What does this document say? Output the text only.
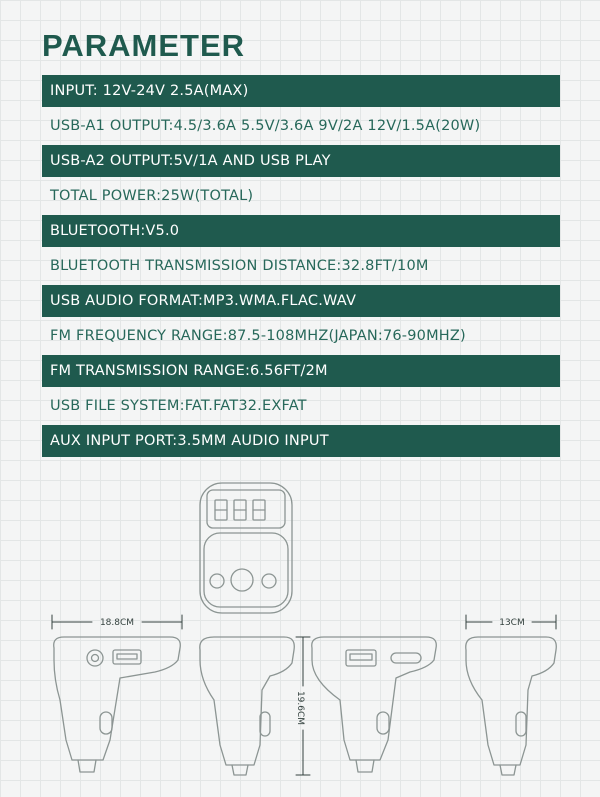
PARAMETER
INPUT: 12V-24V 2.5A(MAX)
USB-A1 OUTPUT:4.5/3.6A 5.5V/3.6A 9V/2A 12V/1.5A(20W)
USB-A2 OUTPUT:5V/1A AND USB PLAY
TOTAL POWER:25W(TOTAL)
BLUETOOTH:V5.0
BLUETOOTH TRANSMISSION DISTANCE:32.8FT/10M
USB AUDIO FORMAT:MP3.WMA.FLAC.WAV
FM FREQUENCY RANGE:87.5-108MHZ(JAPAN:76-90MHZ)
FM TRANSMISSION RANGE:6.56FT/2M
USB FILE SYSTEM:FAT.FAT32.EXFAT
AUX INPUT PORT:3.5MM AUDIO INPUT
18.8CM
19.6CM
13CM
